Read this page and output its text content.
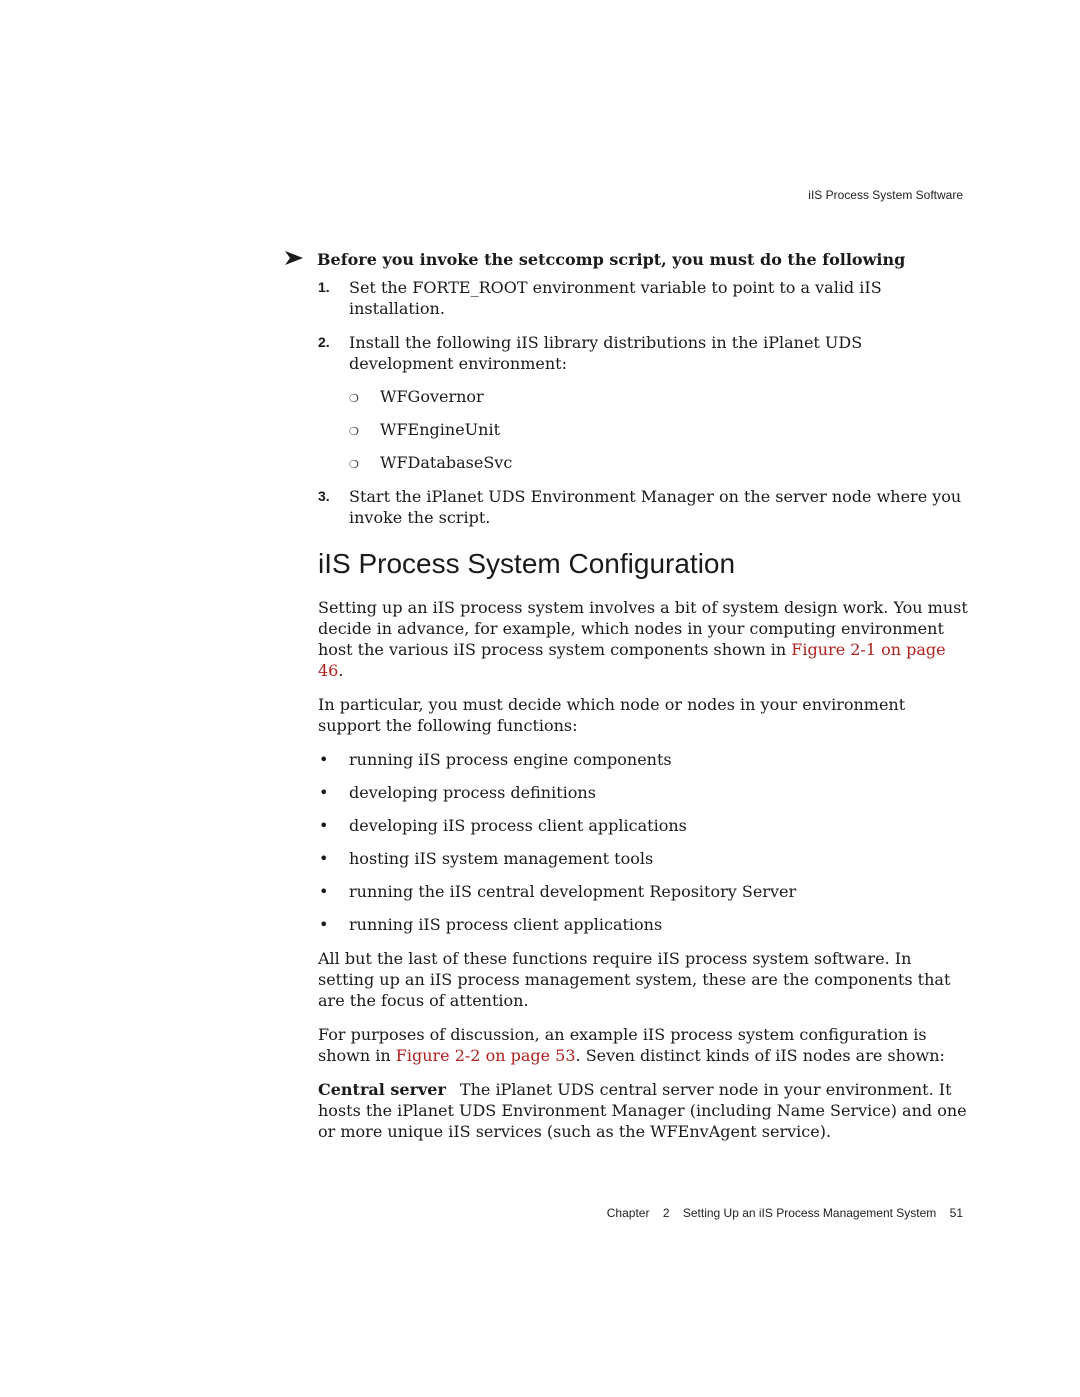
iIS Process System Software
Before you invoke the setccomp script, you must do the following
1. Set the FORTE_ROOT environment variable to point to a valid iIS installation.
2. Install the following iIS library distributions in the iPlanet UDS development environment:
❍ WFGovernor
❍ WFEngineUnit
❍ WFDatabaseSvc
3. Start the iPlanet UDS Environment Manager on the server node where you invoke the script.
iIS Process System Configuration

Setting up an iIS process system involves a bit of system design work. You must decide in advance, for example, which nodes in your computing environment host the various iIS process system components shown in Figure 2-1 on page 46.

In particular, you must decide which node or nodes in your environment support the following functions:

• running iIS process engine components
• developing process definitions
• developing iIS process client applications
• hosting iIS system management tools
• running the iIS central development Repository Server
• running iIS process client applications

All but the last of these functions require iIS process system software. In setting up an iIS process management system, these are the components that are the focus of attention.

For purposes of discussion, an example iIS process system configuration is shown in Figure 2-2 on page 53. Seven distinct kinds of iIS nodes are shown:

Central server The iPlanet UDS central server node in your environment. It hosts the iPlanet UDS Environment Manager (including Name Service) and one or more unique iIS services (such as the WFEnvAgent service).

Chapter 2 Setting Up an iIS Process Management System 51
